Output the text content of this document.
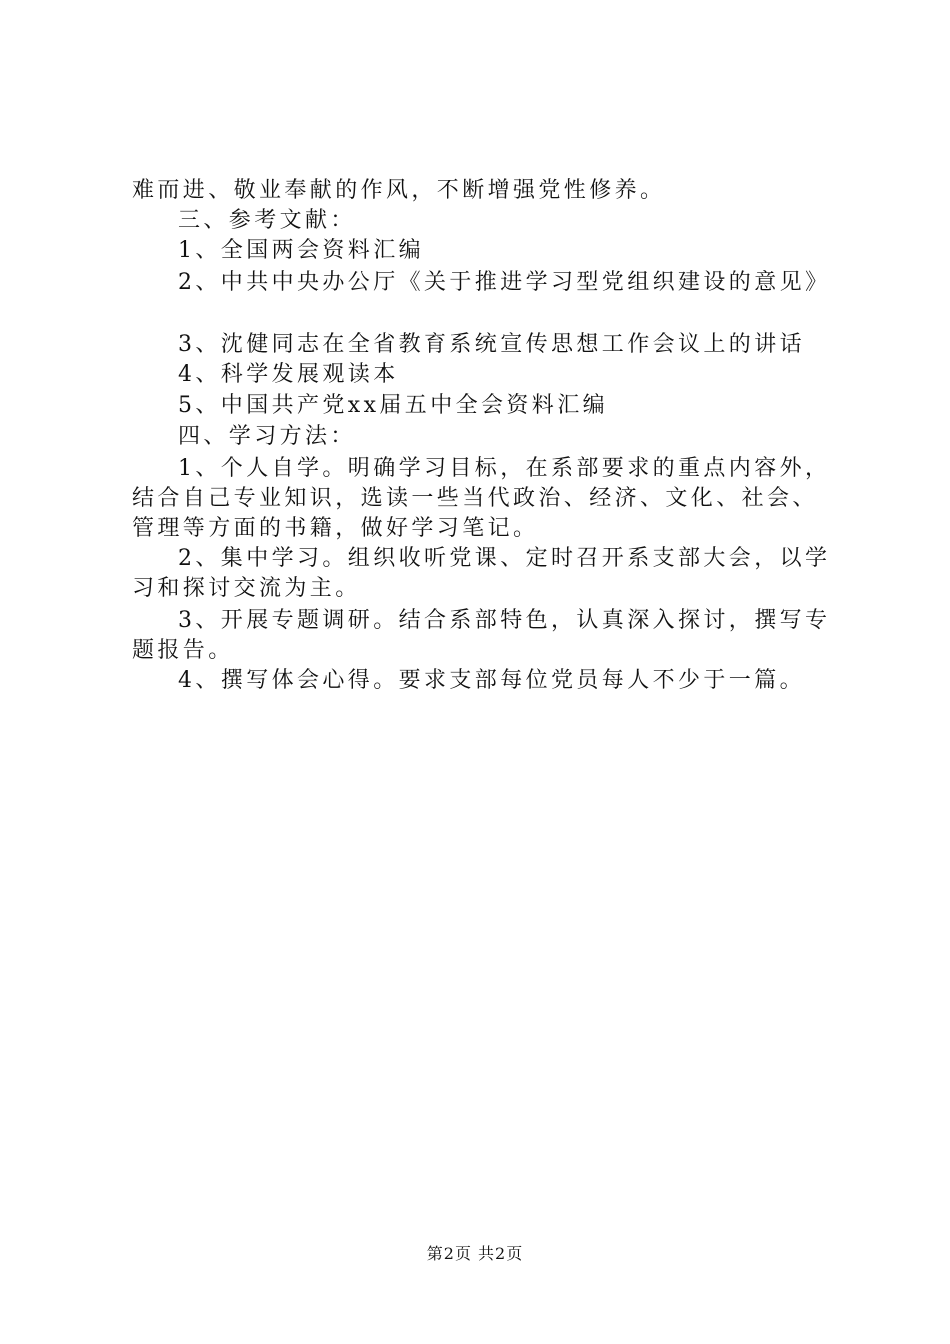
难而进、敬业奉献的作风，不断增强党性修养。
三、参考文献：
1、全国两会资料汇编
2、中共中央办公厅《关于推进学习型党组织建设的意见》
3、沈健同志在全省教育系统宣传思想工作会议上的讲话
4、科学发展观读本
5、中国共产党xx届五中全会资料汇编
四、学习方法：
1、个人自学。明确学习目标，在系部要求的重点内容外，
结合自己专业知识，选读一些当代政治、经济、文化、社会、
管理等方面的书籍，做好学习笔记。
2、集中学习。组织收听党课、定时召开系支部大会，以学
习和探讨交流为主。
3、开展专题调研。结合系部特色，认真深入探讨，撰写专
题报告。
4、撰写体会心得。要求支部每位党员每人不少于一篇。
第2页 共2页
